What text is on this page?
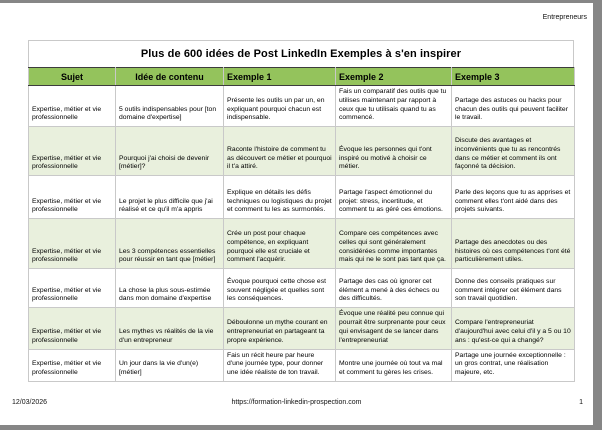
Entrepreneurs
Plus de 600 idées de Post LinkedIn Exemples à s'en inspirer
Sujet	Idée de contenu	Exemple 1	Exemple 2	Exemple 3
Expertise, métier et vie professionnelle	5 outils indispensables pour [ton domaine d'expertise]	Présente les outils un par un, en expliquant pourquoi chacun est indispensable.	Fais un comparatif des outils que tu utilises maintenant par rapport à ceux que tu utilisais quand tu as commencé.	Partage des astuces ou hacks pour chacun des outils qui peuvent faciliter le travail.
Expertise, métier et vie professionnelle	Pourquoi j'ai choisi de devenir [métier]?	Raconte l'histoire de comment tu as découvert ce métier et pourquoi il t'a attiré.	Évoque les personnes qui t'ont inspiré ou motivé à choisir ce métier.	Discute des avantages et inconvénients que tu as rencontrés dans ce métier et comment ils ont façonné ta décision.
Expertise, métier et vie professionnelle	Le projet le plus difficile que j'ai réalisé et ce qu'il m'a appris	Explique en détails les défis techniques ou logistiques du projet et comment tu les as surmontés.	Partage l'aspect émotionnel du projet: stress, incertitude, et comment tu as géré ces émotions.	Parle des leçons que tu as apprises et comment elles t'ont aidé dans des projets suivants.
Expertise, métier et vie professionnelle	Les 3 compétences essentielles pour réussir en tant que [métier]	Crée un post pour chaque compétence, en expliquant pourquoi elle est cruciale et comment l'acquérir.	Compare ces compétences avec celles qui sont généralement considérées comme importantes mais qui ne le sont pas tant que ça.	Partage des anecdotes ou des histoires où ces compétences t'ont été particulièrement utiles.
Expertise, métier et vie professionnelle	La chose la plus sous-estimée dans mon domaine d'expertise	Évoque pourquoi cette chose est souvent négligée et quelles sont les conséquences.	Partage des cas où ignorer cet élément a mené à des échecs ou des difficultés.	Donne des conseils pratiques sur comment intégrer cet élément dans son travail quotidien.
Expertise, métier et vie professionnelle	Les mythes vs réalités de la vie d'un entrepreneur	Déboulonne un mythe courant en entrepreneuriat en partageant ta propre expérience.	Évoque une réalité peu connue qui pourrait être surprenante pour ceux qui envisagent de se lancer dans l'entrepreneuriat	Compare l'entrepreneuriat d'aujourd'hui avec celui d'il y a 5 ou 10 ans : qu'est-ce qui a changé?
Expertise, métier et vie professionnelle	Un jour dans la vie d'un(e) [métier]	Fais un récit heure par heure d'une journée type, pour donner une idée réaliste de ton travail.	Montre une journée où tout va mal et comment tu gères les crises.	Partage une journée exceptionnelle : un gros contrat, une réalisation majeure, etc.
12/03/2026	https://formation-linkedin-prospection.com	1
